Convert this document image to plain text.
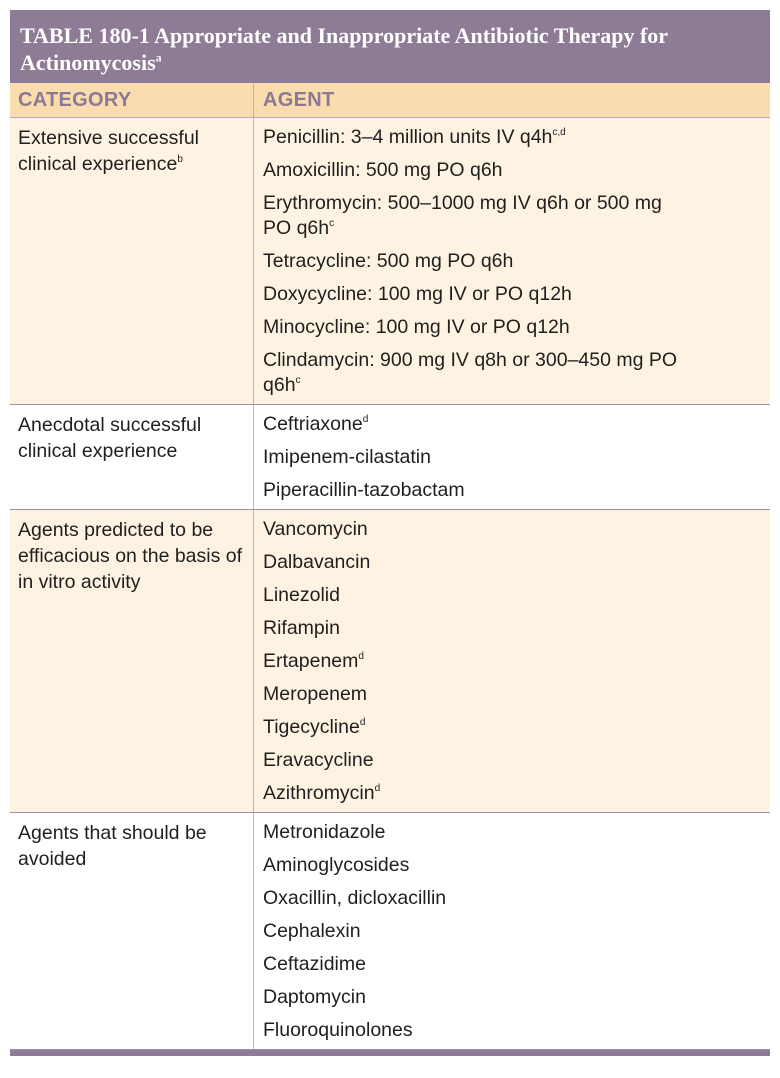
TABLE 180-1 Appropriate and Inappropriate Antibiotic Therapy for Actinomycosis$^a$
CATEGORY	AGENT
Extensive successful clinical experience$^b$
Penicillin: 3–4 million units IV $q4h^{c,d}$
Amoxicillin: 500 mg PO q6h
Erythromycin: 500–1000 mg IV q6h or 500 mg PO $q6h^c$
Tetracycline: 500 mg PO q6h
Doxycycline: 100 mg IV or PO q12h
Minocycline: 100 mg IV or PO q12h
Clindamycin: 900 mg IV q8h or 300–450 mg PO $q6h^c$
Anecdotal successful clinical experience
Ceftriaxone$^d$
Imipenem-cilastatin
Piperacillin-tazobactam
Agents predicted to be efficacious on the basis of in vitro activity
Vancomycin
Dalbavancin
Linezolid
Rifampin
Ertapenem$^d$
Meropenem
Tigecycline$^d$
Eravacycline
Azithromycin$^d$
Agents that should be avoided
Metronidazole
Aminoglycosides
Oxacillin, dicloxacillin
Cephalexin
Ceftazidime
Daptomycin
Fluoroquinolones
